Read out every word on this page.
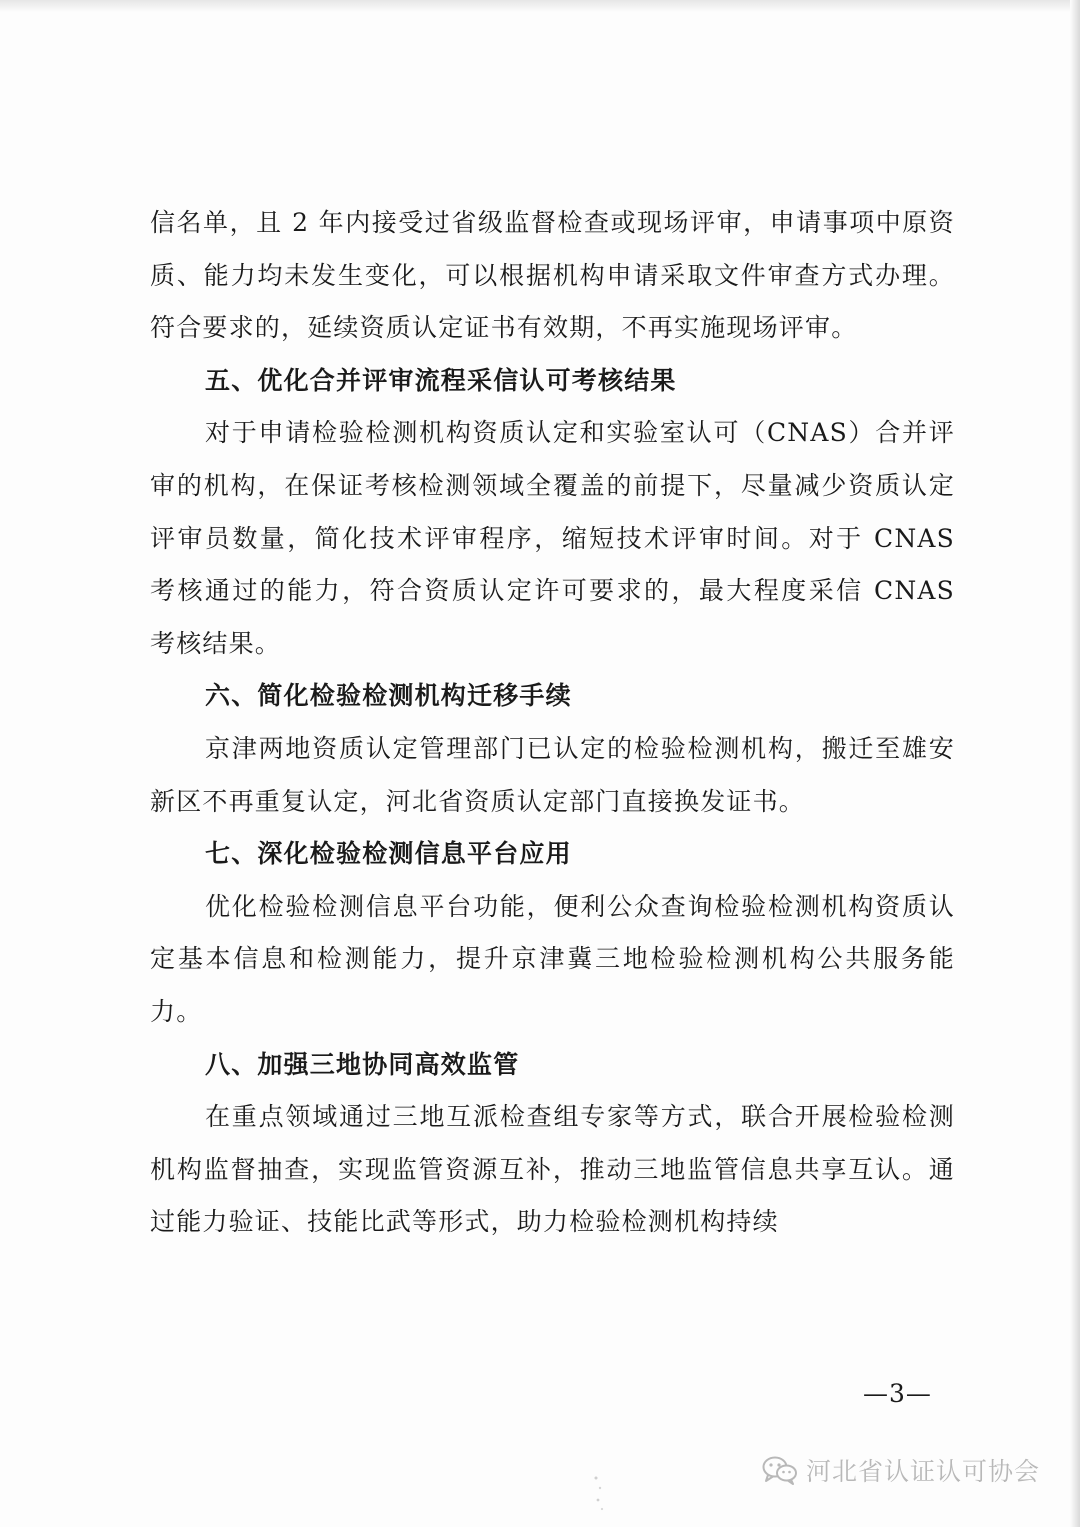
信名单，且 2 年内接受过省级监督检查或现场评审，申请事项中原资质、能力均未发生变化，可以根据机构申请采取文件审查方式办理。符合要求的，延续资质认定证书有效期，不再实施现场评审。

五、优化合并评审流程采信认可考核结果

对于申请检验检测机构资质认定和实验室认可（CNAS）合并评审的机构，在保证考核检测领域全覆盖的前提下，尽量减少资质认定评审员数量，简化技术评审程序，缩短技术评审时间。对于 CNAS 考核通过的能力，符合资质认定许可要求的，最大程度采信 CNAS 考核结果。

六、简化检验检测机构迁移手续

京津两地资质认定管理部门已认定的检验检测机构，搬迁至雄安新区不再重复认定，河北省资质认定部门直接换发证书。

七、深化检验检测信息平台应用

优化检验检测信息平台功能，便利公众查询检验检测机构资质认定基本信息和检测能力，提升京津冀三地检验检测机构公共服务能力。

八、加强三地协同高效监管

在重点领域通过三地互派检查组专家等方式，联合开展检验检测机构监督抽查，实现监管资源互补，推动三地监管信息共享互认。通过能力验证、技能比武等形式，助力检验检测机构持续

—3—
河北省认证认可协会
